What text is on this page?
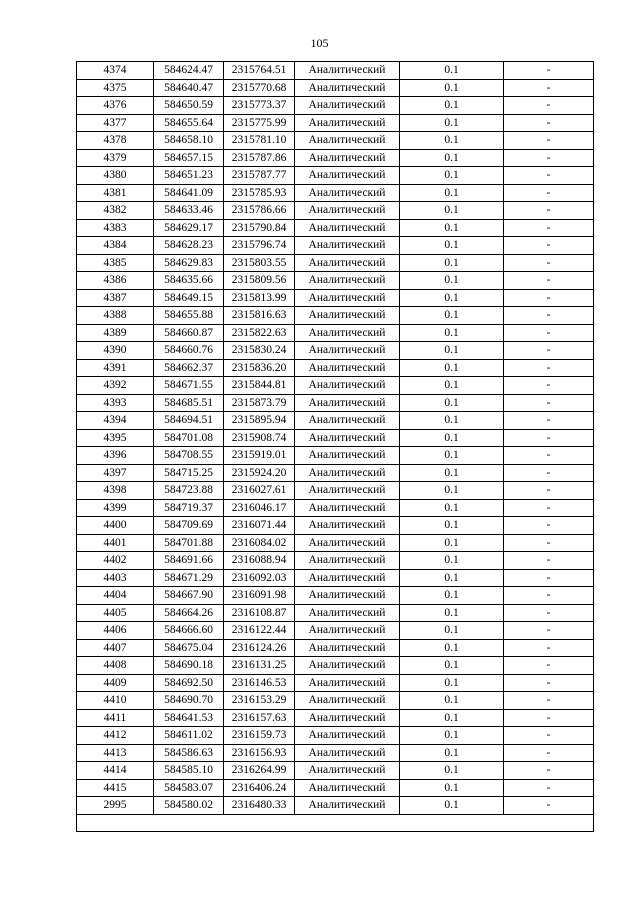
105
4374	584624.47	2315764.51	Аналитический	0.1	-
4375	584640.47	2315770.68	Аналитический	0.1	-
4376	584650.59	2315773.37	Аналитический	0.1	-
4377	584655.64	2315775.99	Аналитический	0.1	-
4378	584658.10	2315781.10	Аналитический	0.1	-
4379	584657.15	2315787.86	Аналитический	0.1	-
4380	584651.23	2315787.77	Аналитический	0.1	-
4381	584641.09	2315785.93	Аналитический	0.1	-
4382	584633.46	2315786.66	Аналитический	0.1	-
4383	584629.17	2315790.84	Аналитический	0.1	-
4384	584628.23	2315796.74	Аналитический	0.1	-
4385	584629.83	2315803.55	Аналитический	0.1	-
4386	584635.66	2315809.56	Аналитический	0.1	-
4387	584649.15	2315813.99	Аналитический	0.1	-
4388	584655.88	2315816.63	Аналитический	0.1	-
4389	584660.87	2315822.63	Аналитический	0.1	-
4390	584660.76	2315830.24	Аналитический	0.1	-
4391	584662.37	2315836.20	Аналитический	0.1	-
4392	584671.55	2315844.81	Аналитический	0.1	-
4393	584685.51	2315873.79	Аналитический	0.1	-
4394	584694.51	2315895.94	Аналитический	0.1	-
4395	584701.08	2315908.74	Аналитический	0.1	-
4396	584708.55	2315919.01	Аналитический	0.1	-
4397	584715.25	2315924.20	Аналитический	0.1	-
4398	584723.88	2316027.61	Аналитический	0.1	-
4399	584719.37	2316046.17	Аналитический	0.1	-
4400	584709.69	2316071.44	Аналитический	0.1	-
4401	584701.88	2316084.02	Аналитический	0.1	-
4402	584691.66	2316088.94	Аналитический	0.1	-
4403	584671.29	2316092.03	Аналитический	0.1	-
4404	584667.90	2316091.98	Аналитический	0.1	-
4405	584664.26	2316108.87	Аналитический	0.1	-
4406	584666.60	2316122.44	Аналитический	0.1	-
4407	584675.04	2316124.26	Аналитический	0.1	-
4408	584690.18	2316131.25	Аналитический	0.1	-
4409	584692.50	2316146.53	Аналитический	0.1	-
4410	584690.70	2316153.29	Аналитический	0.1	-
4411	584641.53	2316157.63	Аналитический	0.1	-
4412	584611.02	2316159.73	Аналитический	0.1	-
4413	584586.63	2316156.93	Аналитический	0.1	-
4414	584585.10	2316264.99	Аналитический	0.1	-
4415	584583.07	2316406.24	Аналитический	0.1	-
2995	584580.02	2316480.33	Аналитический	0.1	-
